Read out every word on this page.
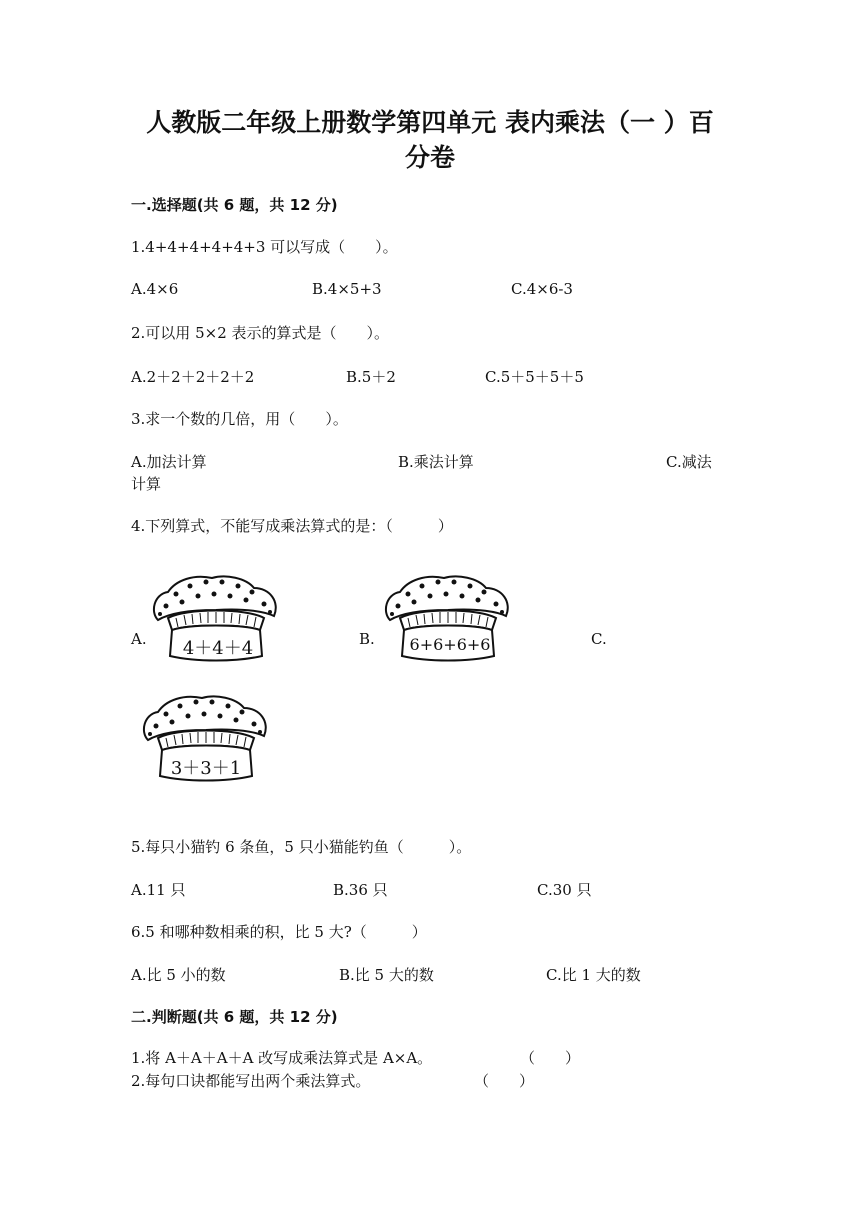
人教版二年级上册数学第四单元 表内乘法（一 ）百
分卷
一.选择题(共 6 题，共 12 分)
1.4+4+4+4+4+3 可以写成（　　）。
A.4×6	B.4×5+3	C.4×6-3
2.可以用 5×2 表示的算式是（　　）。
A.2＋2＋2＋2＋2	B.5＋2	C.5＋5＋5＋5
3.求一个数的几倍，用（　　）。
A.加法计算	B.乘法计算	C.减法
计算
4.下列算式，不能写成乘法算式的是：（　　　）
A.	B.	C.
4＋4＋4	6+6+6+6
3＋3＋1
5.每只小猫钓 6 条鱼，5 只小猫能钓鱼（　　　）。
A.11 只	B.36 只	C.30 只
6.5 和哪种数相乘的积，比 5 大?（　　　）
A.比 5 小的数	B.比 5 大的数	C.比 1 大的数
二.判断题(共 6 题，共 12 分)
1.将 A＋A＋A＋A 改写成乘法算式是 A×A。	（　　）
2.每句口诀都能写出两个乘法算式。	（　　）
